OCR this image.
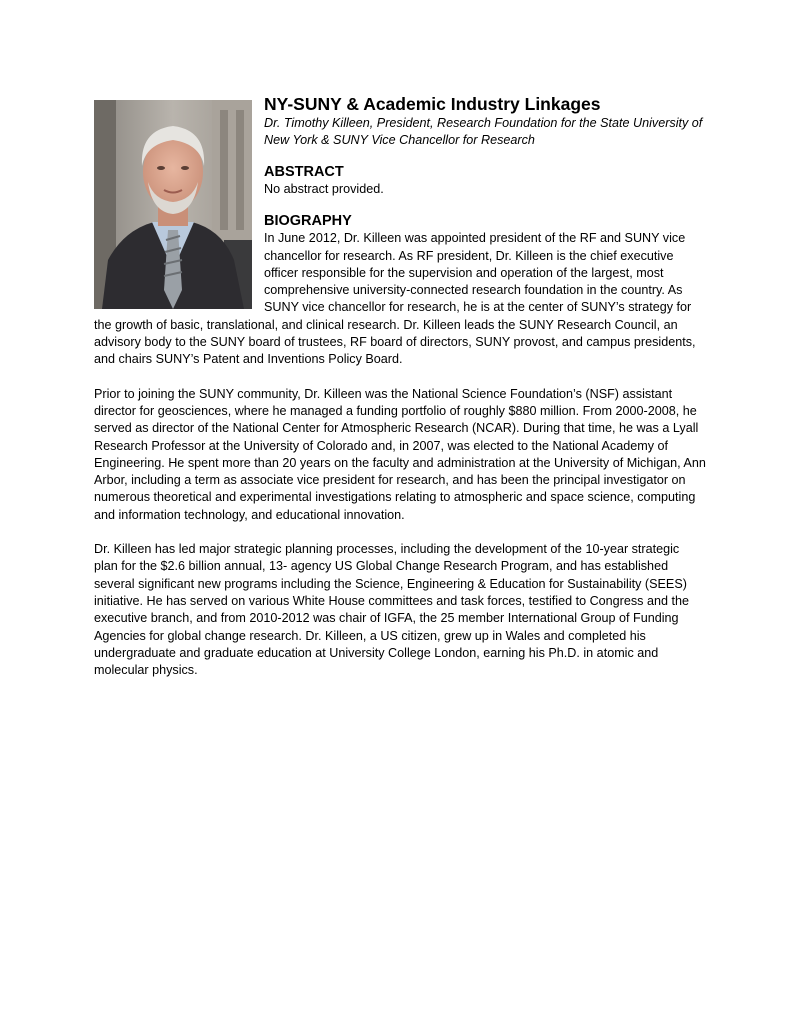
NY-SUNY & Academic Industry Linkages

Dr. Timothy Killeen, President, Research Foundation for the State University of New York & SUNY Vice Chancellor for Research

ABSTRACT

No abstract provided.

BIOGRAPHY

In June 2012, Dr. Killeen was appointed president of the RF and SUNY vice chancellor for research. As RF president, Dr. Killeen is the chief executive officer responsible for the supervision and operation of the largest, most comprehensive university-connected research foundation in the country. As SUNY vice chancellor for research, he is at the center of SUNY’s strategy for the growth of basic, translational, and clinical research. Dr. Killeen leads the SUNY Research Council, an advisory body to the SUNY board of trustees, RF board of directors, SUNY provost, and campus presidents, and chairs SUNY’s Patent and Inventions Policy Board.

Prior to joining the SUNY community, Dr. Killeen was the National Science Foundation’s (NSF) assistant director for geosciences, where he managed a funding portfolio of roughly $880 million. From 2000-2008, he served as director of the National Center for Atmospheric Research (NCAR). During that time, he was a Lyall Research Professor at the University of Colorado and, in 2007, was elected to the National Academy of Engineering. He spent more than 20 years on the faculty and administration at the University of Michigan, Ann Arbor, including a term as associate vice president for research, and has been the principal investigator on numerous theoretical and experimental investigations relating to atmospheric and space science, computing and information technology, and educational innovation.

Dr. Killeen has led major strategic planning processes, including the development of the 10-year strategic plan for the $2.6 billion annual, 13- agency US Global Change Research Program, and has established several significant new programs including the Science, Engineering & Education for Sustainability (SEES) initiative. He has served on various White House committees and task forces, testified to Congress and the executive branch, and from 2010-2012 was chair of IGFA, the 25 member International Group of Funding Agencies for global change research. Dr. Killeen, a US citizen, grew up in Wales and completed his undergraduate and graduate education at University College London, earning his Ph.D. in atomic and molecular physics.
